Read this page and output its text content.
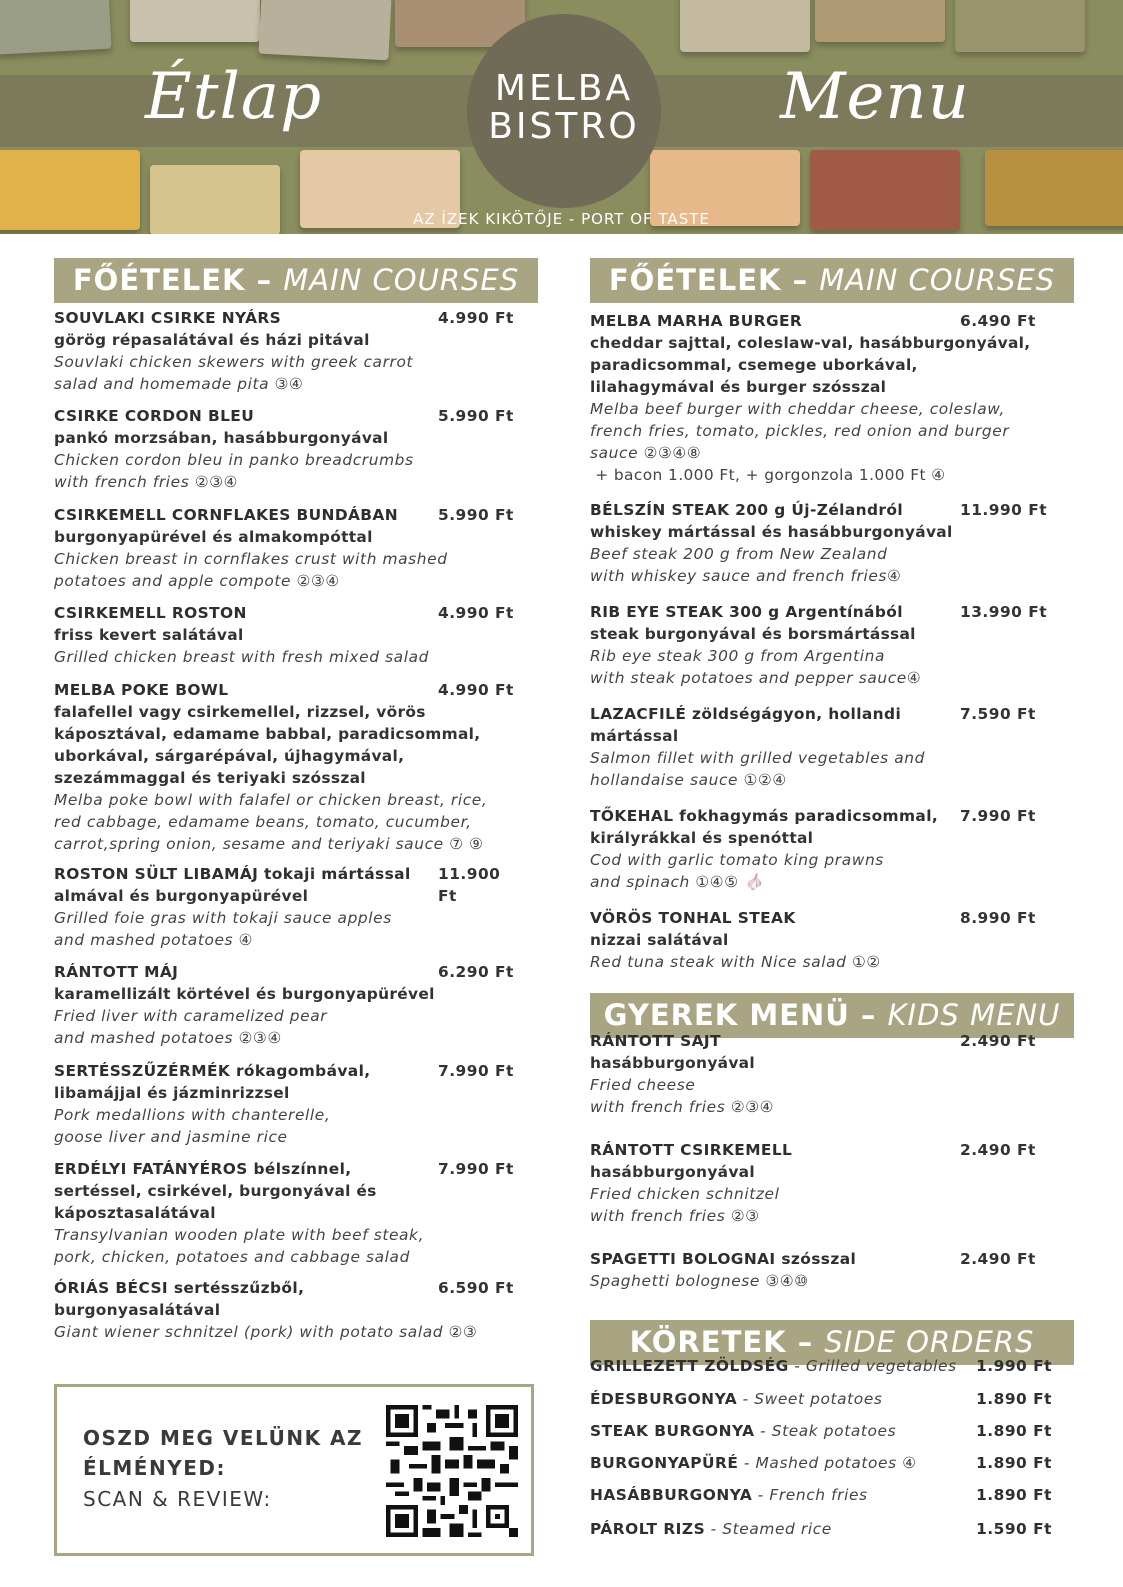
Étlap	Menu
MELBA
BISTRO
AZ ÍZEK KIKÖTŐJE - PORT OF TASTE
FŐÉTELEK – MAIN COURSES	FŐÉTELEK – MAIN COURSES
GYEREK MENÜ – KIDS MENU
KÖRETEK – SIDE ORDERS
SOUVLAKI CSIRKE NYÁRS
görög répasalátával és házi pitával
Souvlaki chicken skewers with greek carrot
salad and homemade pita ③④
4.990 Ft
CSIRKE CORDON BLEU
pankó morzsában, hasábburgonyával
Chicken cordon bleu in panko breadcrumbs
with french fries ②③④
5.990 Ft
CSIRKEMELL CORNFLAKES BUNDÁBAN
burgonyapürével és almakompóttal
Chicken breast in cornflakes crust with mashed
potatoes and apple compote ②③④
5.990 Ft
CSIRKEMELL ROSTON
friss kevert salátával
Grilled chicken breast with fresh mixed salad
4.990 Ft
MELBA POKE BOWL
falafellel vagy csirkemellel, rizzsel, vörös
káposztával, edamame babbal, paradicsommal,
uborkával, sárgarépával, újhagymával,
szezámmaggal és teriyaki szósszal
Melba poke bowl with falafel or chicken breast, rice,
red cabbage, edamame beans, tomato, cucumber,
carrot,spring onion, sesame and teriyaki sauce ⑦ ⑨
4.990 Ft
ROSTON SÜLT LIBAMÁJ tokaji mártással
almával és burgonyapürével
Grilled foie gras with tokaji sauce apples
and mashed potatoes ④
11.900 Ft
RÁNTOTT MÁJ
karamellizált körtével és burgonyapürével
Fried liver with caramelized pear
and mashed potatoes ②③④
6.290 Ft
SERTÉSSZŰZÉRMÉK rókagombával,
libamájjal és jázminrizzsel
Pork medallions with chanterelle,
goose liver and jasmine rice
7.990 Ft
ERDÉLYI FATÁNYÉROS bélszínnel,
sertéssel, csirkével, burgonyával és
káposztasalátával
Transylvanian wooden plate with beef steak,
pork, chicken, potatoes and cabbage salad
7.990 Ft
ÓRIÁS BÉCSI sertésszűzből,
burgonyasalátával
Giant wiener schnitzel (pork) with potato salad ②③
6.590 Ft
MELBA MARHA BURGER
cheddar sajttal, coleslaw-val, hasábburgonyával,
paradicsommal, csemege uborkával,
lilahagymával és burger szósszal
Melba beef burger with cheddar cheese, coleslaw,
french fries, tomato, pickles, red onion and burger
sauce ②③④⑧
+ bacon 1.000 Ft, + gorgonzola 1.000 Ft ④
6.490 Ft
BÉLSZÍN STEAK 200 g Új-Zélandról
whiskey mártással és hasábburgonyával
Beef steak 200 g from New Zealand
with whiskey sauce and french fries④
11.990 Ft
RIB EYE STEAK 300 g Argentínából
steak burgonyával és borsmártással
Rib eye steak 300 g from Argentina
with steak potatoes and pepper sauce④
13.990 Ft
LAZACFILÉ zöldségágyon, hollandi
mártással
Salmon fillet with grilled vegetables and
hollandaise sauce ①②④
7.590 Ft
TŐKEHAL fokhagymás paradicsommal,
királyrákkal és spenóttal
Cod with garlic tomato king prawns
and spinach ①④⑤ 🧄
7.990 Ft
VÖRÖS TONHAL STEAK
nizzai salátával
Red tuna steak with Nice salad ①②
8.990 Ft
RÁNTOTT SAJT
hasábburgonyával
Fried cheese
with french fries ②③④
2.490 Ft
RÁNTOTT CSIRKEMELL
hasábburgonyával
Fried chicken schnitzel
with french fries ②③
2.490 Ft
SPAGETTI BOLOGNAI szósszal
Spaghetti bolognese ③④⑩
2.490 Ft
GRILLEZETT ZÖLDSÉG - Grilled vegetables 1.990 Ft
ÉDESBURGONYA - Sweet potatoes	1.890 Ft
STEAK BURGONYA - Steak potatoes	1.890 Ft
BURGONYAPÜRÉ - Mashed potatoes ④	1.890 Ft
HASÁBBURGONYA - French fries	1.890 Ft
PÁROLT RIZS - Steamed rice	1.590 Ft
OSZD MEG VELÜNK AZ
ÉLMÉNYED:
SCAN & REVIEW:
